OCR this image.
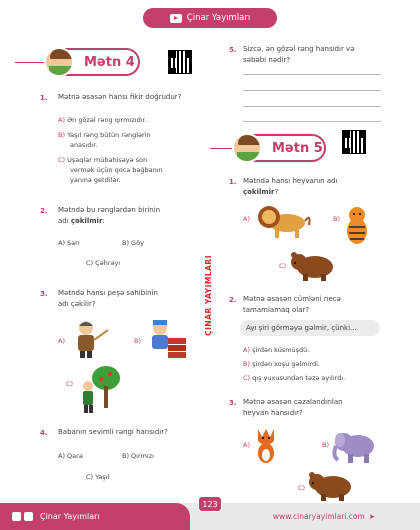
Çinar Yayımları
ÇINAR YAYIMLARI
Mətn 4
1. Mətnə əsasən hansı fikir doğrudur?
A) Ən gözəl rəng qırmızıdır.
B) Yaşıl rəng bütün rənglərin
anasıdır.
C) Uşaqlar mübahisəyə son
vermək üçün qoca bağbanın
yanına getdilər.
2. Mətndə bu rənglərdən birinin
adı çəkilmir:
A) Sarı	B) Göy
C) Çəhrayı
3. Mətndə hansı peşə sahibinin
adı çəkilir?
A)	B)
C)
4. Babanın sevimli rəngi hansıdır?
A) Qara	B) Qırmızı
C) Yaşıl
5. Sizcə, ən gözəl rəng hansıdır və
səbəbi nədir?
Mətn 5
1. Mətndə hansı heyvanın adı
çəkilmir?
A)	B)
C)
2. Mətnə əsasən cümləni necə
tamamlamaq olar?
Ayı şiri görməyə gəlmir, çünki...
A) şirdən küsmüşdü.
B) şirdən xoşu gəlmirdi.
C) qış yuxusundan təzə ayılırdı.
3. Mətnə əsasən cəzalandırılan
heyvan hansıdır?
A)	B)
C)
Çinar Yayımları	www.cinaryayimlari.com ➤
123
